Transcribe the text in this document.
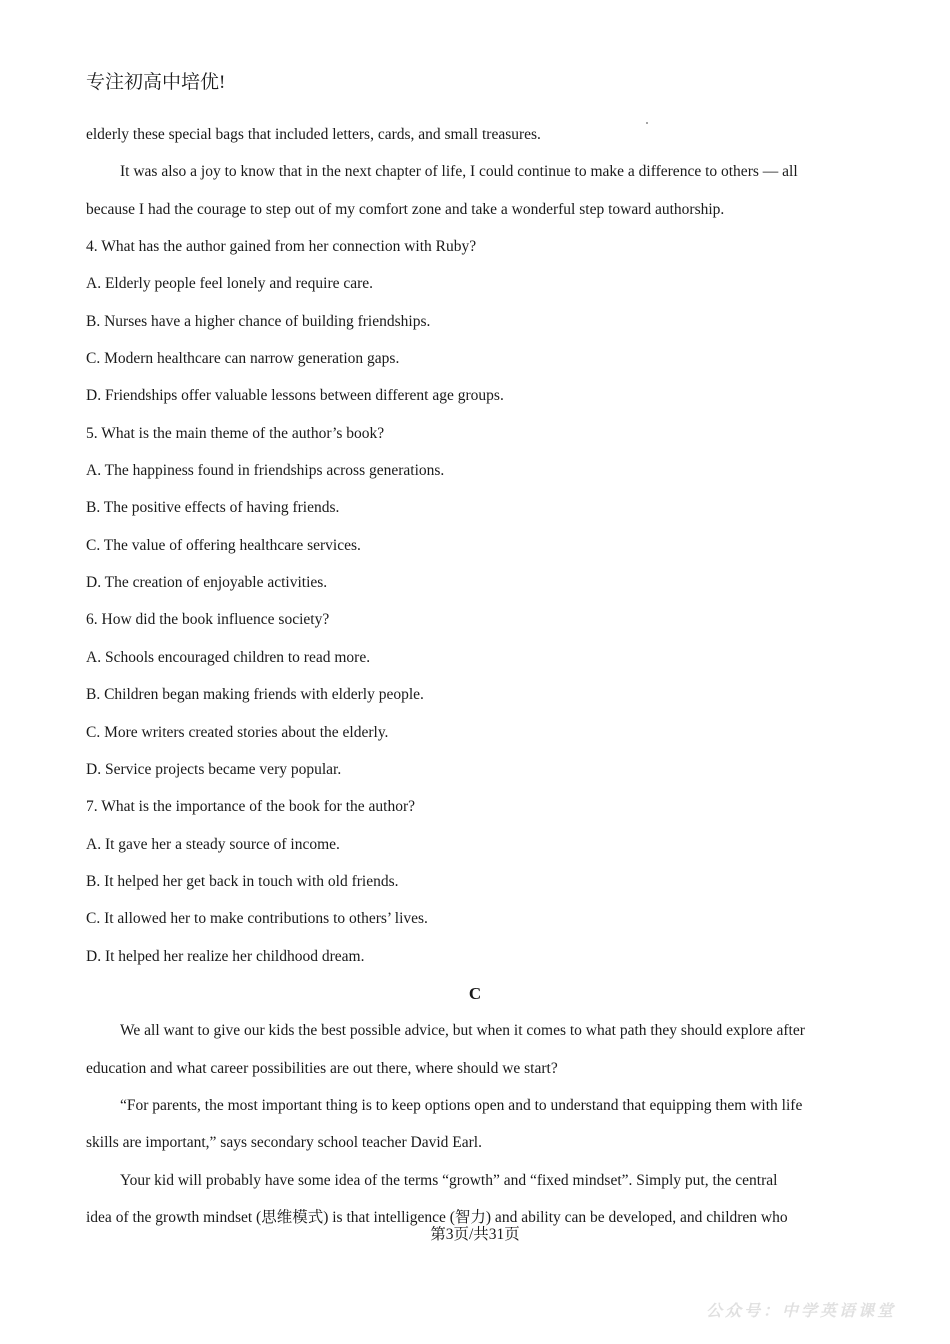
专注初高中培优!
elderly these special bags that included letters, cards, and small treasures.
It was also a joy to know that in the next chapter of life, I could continue to make a difference to others — all
because I had the courage to step out of my comfort zone and take a wonderful step toward authorship.
4. What has the author gained from her connection with Ruby?
A. Elderly people feel lonely and require care.
B. Nurses have a higher chance of building friendships.
C. Modern healthcare can narrow generation gaps.
D. Friendships offer valuable lessons between different age groups.
5. What is the main theme of the author’s book?
A. The happiness found in friendships across generations.
B. The positive effects of having friends.
C. The value of offering healthcare services.
D. The creation of enjoyable activities.
6. How did the book influence society?
A. Schools encouraged children to read more.
B. Children began making friends with elderly people.
C. More writers created stories about the elderly.
D. Service projects became very popular.
7. What is the importance of the book for the author?
A. It gave her a steady source of income.
B. It helped her get back in touch with old friends.
C. It allowed her to make contributions to others’ lives.
D. It helped her realize her childhood dream.
C
We all want to give our kids the best possible advice, but when it comes to what path they should explore after
education and what career possibilities are out there, where should we start?
“For parents, the most important thing is to keep options open and to understand that equipping them with life
skills are important,” says secondary school teacher David Earl.
Your kid will probably have some idea of the terms “growth” and “fixed mindset”. Simply put, the central
idea of the growth mindset (思维模式) is that intelligence (智力) and ability can be developed, and children who
第3页/共31页
公众号：中学英语课堂
